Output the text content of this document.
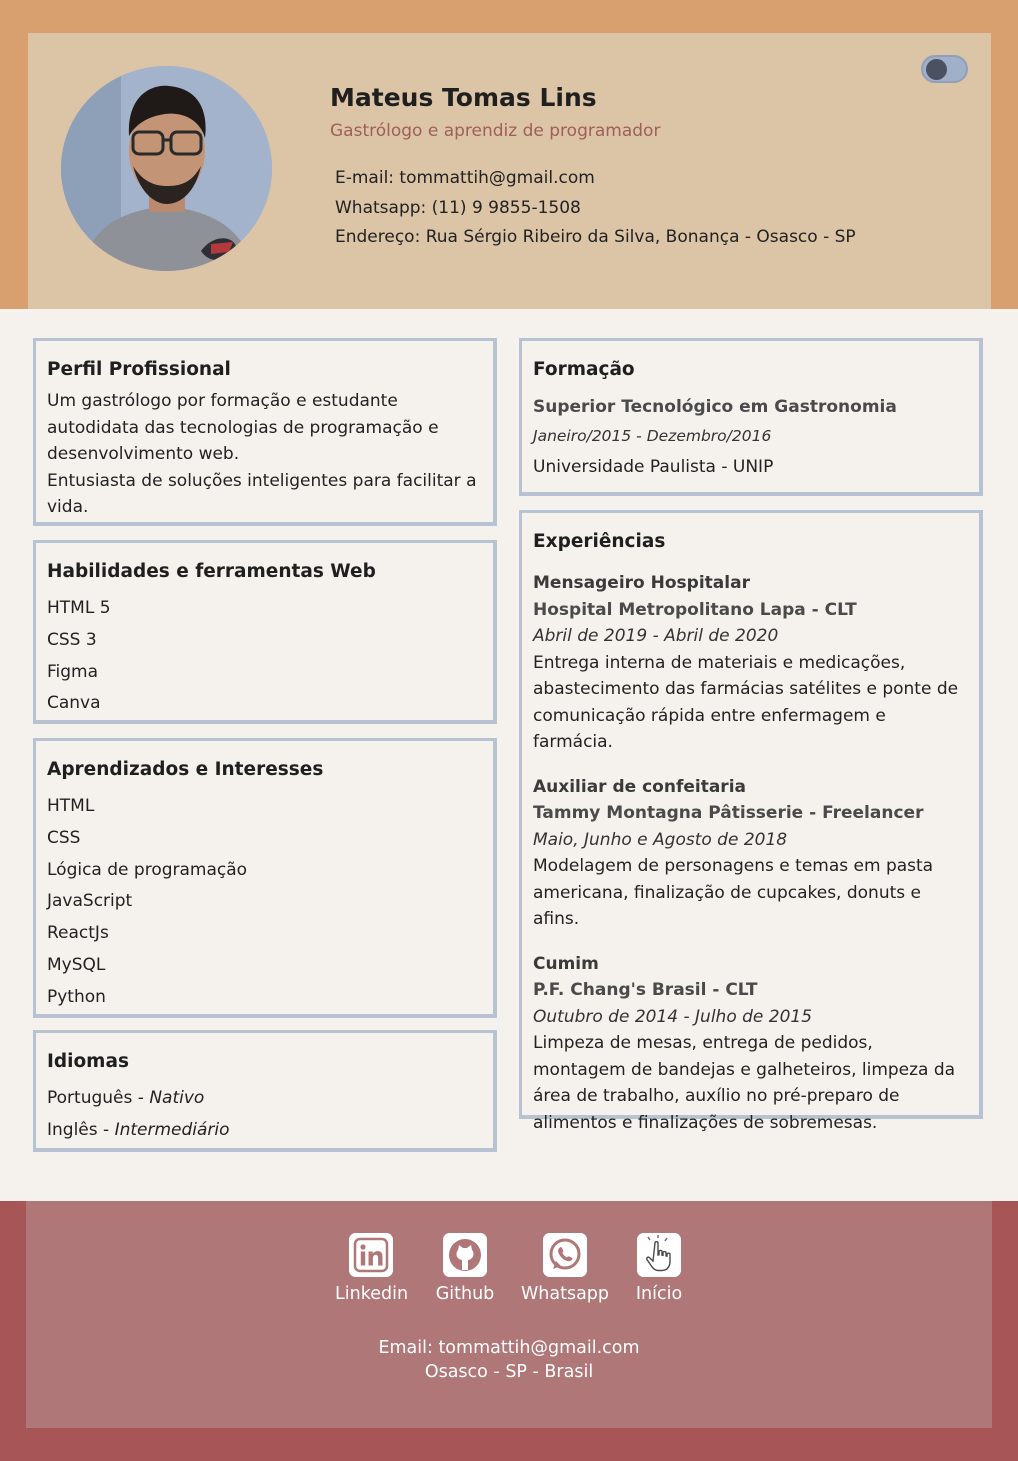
Mateus Tomas Lins

Gastrólogo e aprendiz de programador

E-mail: tommattih@gmail.com
Whatsapp: (11) 9 9855-1508
Endereço: Rua Sérgio Ribeiro da Silva, Bonança - Osasco - SP
Perfil Profissional

Um gastrólogo por formação e estudante autodidata das tecnologias de programação e desenvolvimento web.

Entusiasta de soluções inteligentes para facilitar a vida.

Habilidades e ferramentas Web
HTML 5
CSS 3
Figma
Canva
Aprendizados e Interesses
HTML
CSS
Lógica de programação
JavaScript
ReactJs
MySQL
Python
Idiomas
Português - Nativo
Inglês - Intermediário
Formação

Superior Tecnológico em Gastronomia

Janeiro/2015 - Dezembro/2016

Universidade Paulista - UNIP

Experiências

Mensageiro Hospitalar

Hospital Metropolitano Lapa - CLT

Abril de 2019 - Abril de 2020

Entrega interna de materiais e medicações, abastecimento das farmácias satélites e ponte de comunicação rápida entre enfermagem e farmácia.

Auxiliar de confeitaria

Tammy Montagna Pâtisserie - Freelancer

Maio, Junho e Agosto de 2018

Modelagem de personagens e temas em pasta americana, finalização de cupcakes, donuts e afins.

Cumim

P.F. Chang's Brasil - CLT

Outubro de 2014 - Julho de 2015

Limpeza de mesas, entrega de pedidos, montagem de bandejas e galheteiros, limpeza da área de trabalho, auxílio no pré-preparo de alimentos e finalizações de sobremesas.

Linkedin Github Whatsapp	Início
Email: tommattih@gmail.com
Osasco - SP - Brasil
